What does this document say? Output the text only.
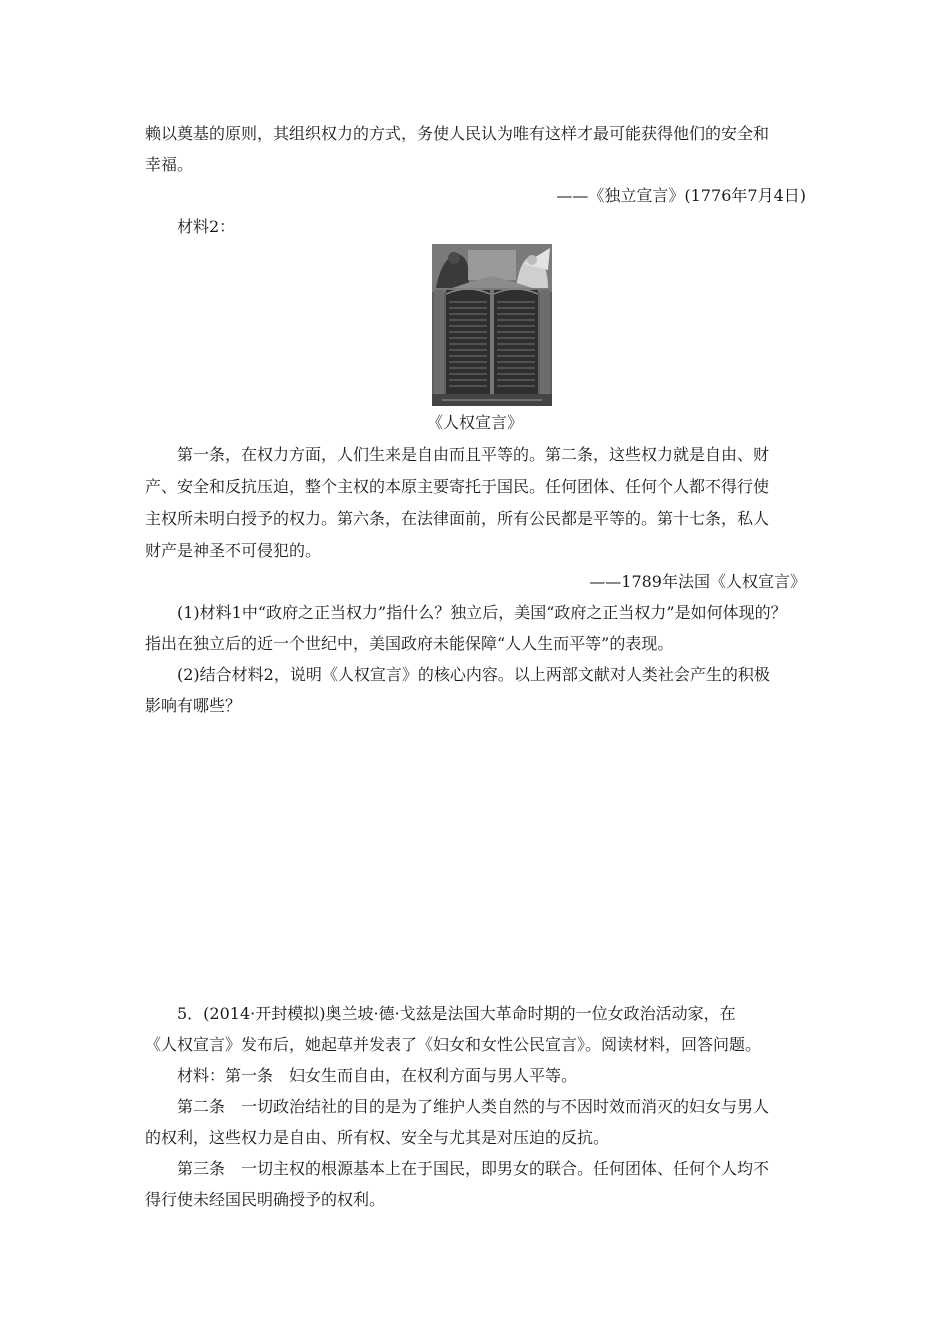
赖以奠基的原则，其组织权力的方式，务使人民认为唯有这样才最可能获得他们的安全和
幸福。
——《独立宣言》(1776年7月4日)
材料2：
《人权宣言》
第一条，在权力方面，人们生来是自由而且平等的。第二条，这些权力就是自由、财
产、安全和反抗压迫，整个主权的本原主要寄托于国民。任何团体、任何个人都不得行使
主权所未明白授予的权力。第六条，在法律面前，所有公民都是平等的。第十七条，私人
财产是神圣不可侵犯的。
——1789年法国《人权宣言》
(1)材料1中“政府之正当权力”指什么？独立后，美国“政府之正当权力”是如何体现的？
指出在独立后的近一个世纪中，美国政府未能保障“人人生而平等”的表现。
(2)结合材料2，说明《人权宣言》的核心内容。以上两部文献对人类社会产生的积极
影响有哪些？
5．(2014·开封模拟)奥兰坡·德·戈兹是法国大革命时期的一位女政治活动家，在
《人权宣言》发布后，她起草并发表了《妇女和女性公民宣言》。阅读材料，回答问题。
材料：第一条　妇女生而自由，在权利方面与男人平等。
第二条　一切政治结社的目的是为了维护人类自然的与不因时效而消灭的妇女与男人
的权利，这些权力是自由、所有权、安全与尤其是对压迫的反抗。
第三条　一切主权的根源基本上在于国民，即男女的联合。任何团体、任何个人均不
得行使未经国民明确授予的权利。
